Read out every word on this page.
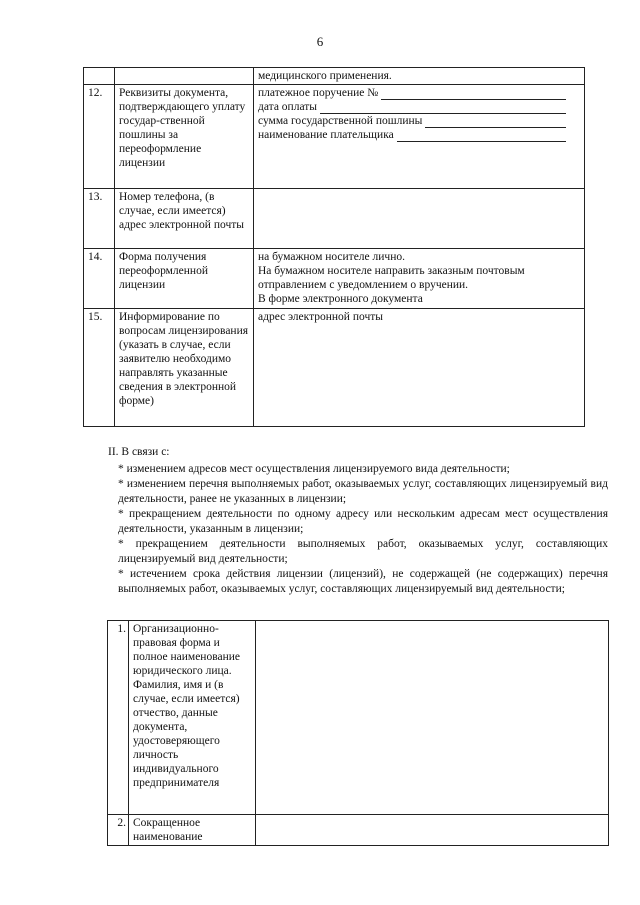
6
		медицинского применения.
12.	Реквизиты документа, подтверждающего уплату государ-ственной пошлины за переоформление лицензии	платежное поручение №
дата оплаты
сумма государственной пошлины
наименование плательщика

13.	Номер телефона, (в случае, если имеется) адрес электронной почты	
14.	Форма получения переоформленной лицензии	на бумажном носителе лично.
На бумажном носителе направить заказным почтовым отправлением с уведомлением о вручении.
В форме электронного документа

15.	Информирование по вопросам лицензирования (указать в случае, если заявителю необходимо направлять указанные сведения в электронной форме)	адрес электронной почты
II. В связи с:
* изменением адресов мест осуществления лицензируемого вида деятельности;
* изменением перечня выполняемых работ, оказываемых услуг, составляющих лицензируемый вид деятельности, ранее не указанных в лицензии;
* прекращением деятельности по одному адресу или нескольким адресам мест осуществления деятельности, указанным в лицензии;
* прекращением деятельности выполняемых работ, оказываемых услуг, составляющих лицензируемый вид деятельности;
* истечением срока действия лицензии (лицензий), не содержащей (не содержащих) перечня выполняемых работ, оказываемых услуг, составляющих лицензируемый вид деятельности;
1.	Организационно-правовая форма и полное наименование юридического лица. Фамилия, имя и (в случае, если имеется) отчество, данные документа, удостоверяющего личность индивидуального предпринимателя	
2.	Сокращенное наименование	
